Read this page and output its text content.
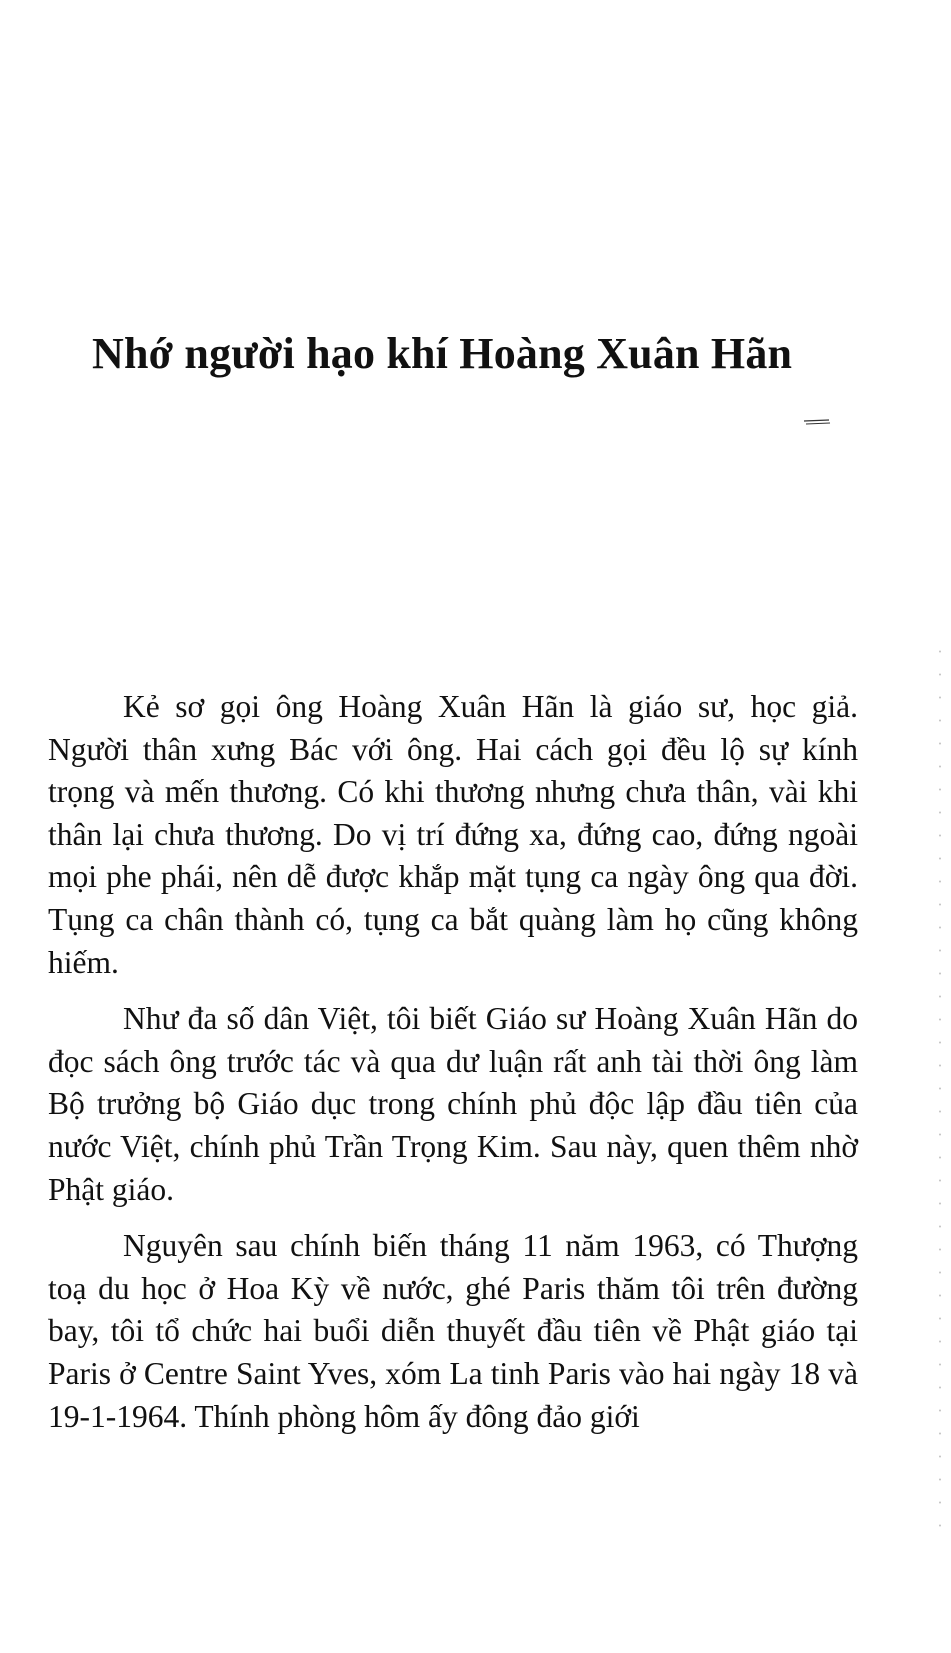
Nhớ người hạo khí Hoàng Xuân Hãn

Kẻ sơ gọi ông Hoàng Xuân Hãn là giáo sư, học giả. Người thân xưng Bác với ông. Hai cách gọi đều lộ sự kính trọng và mến thương. Có khi thương nhưng chưa thân, vài khi thân lại chưa thương. Do vị trí đứng xa, đứng cao, đứng ngoài mọi phe phái, nên dễ được khắp mặt tụng ca ngày ông qua đời. Tụng ca chân thành có, tụng ca bắt quàng làm họ cũng không hiếm.

Như đa số dân Việt, tôi biết Giáo sư Hoàng Xuân Hãn do đọc sách ông trước tác và qua dư luận rất anh tài thời ông làm Bộ trưởng bộ Giáo dục trong chính phủ độc lập đầu tiên của nước Việt, chính phủ Trần Trọng Kim. Sau này, quen thêm nhờ Phật giáo.

Nguyên sau chính biến tháng 11 năm 1963, có Thượng toạ du học ở Hoa Kỳ về nước, ghé Paris thăm tôi trên đường bay, tôi tổ chức hai buổi diễn thuyết đầu tiên về Phật giáo tại Paris ở Centre Saint Yves, xóm La tinh Paris vào hai ngày 18 và 19-1-1964. Thính phòng hôm ấy đông đảo giới
